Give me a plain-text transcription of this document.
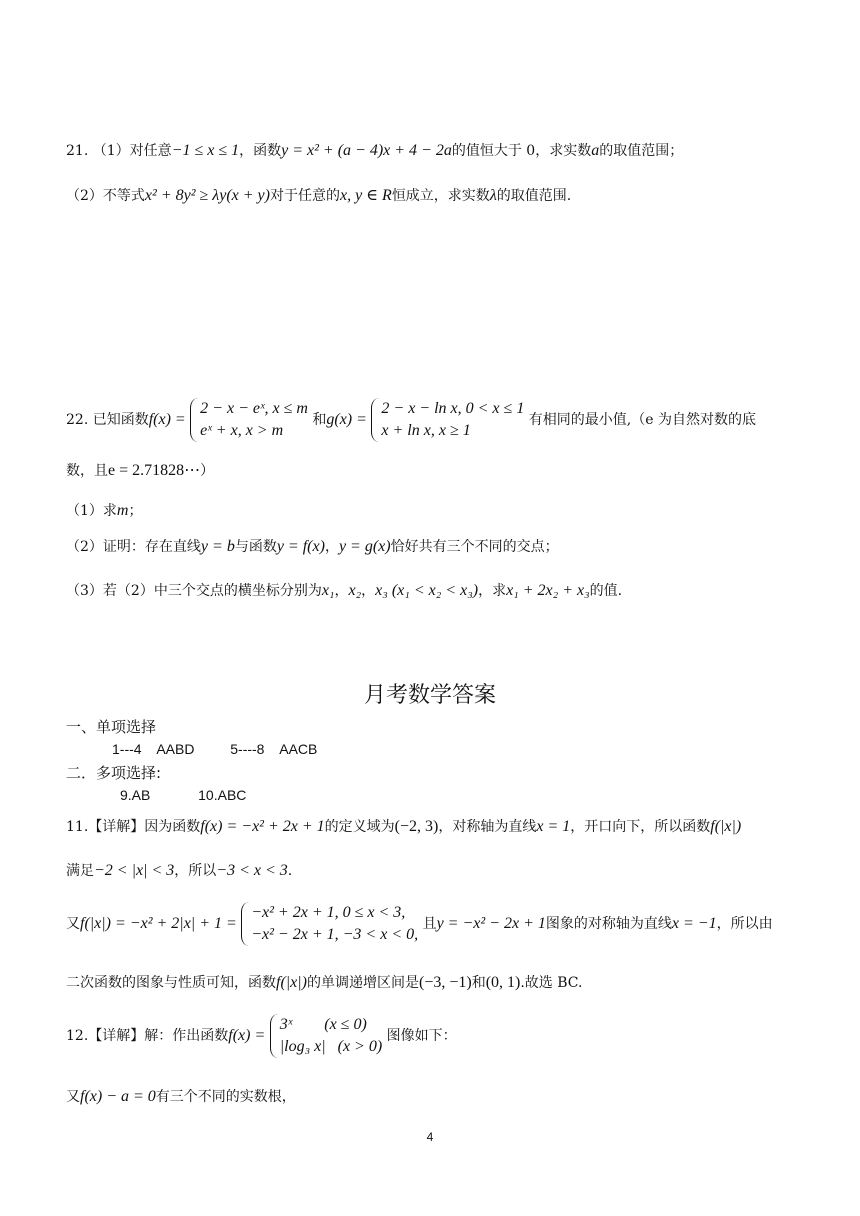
21. （1）对任意−1 ≤ x ≤ 1，函数y = x² + (a − 4)x + 4 − 2a的值恒大于 0，求实数a的取值范围；
（2）不等式x² + 8y² ≥ λy(x + y)对于任意的x, y ∈ R恒成立，求实数λ的取值范围.
22. 已知函数f(x) =
2 − x − eˣ, x ≤ m
eˣ + x, x > m
和g(x) =
2 − x − ln x, 0 < x ≤ 1
x + ln x, x ≥ 1
有相同的最小值,（e 为自然对数的底
数，且e = 2.71828⋯）
（1）求m；
（2）证明：存在直线y = b与函数y = f(x)，y = g(x)恰好共有三个不同的交点；
（3）若（2）中三个交点的横坐标分别为x₁，x₂，x₃ (x₁ < x₂ < x₃)，求x₁ + 2x₂ + x₃的值.
月考数学答案
一、单项选择
1---4    AABD	5----8    AACB
二．多项选择:
9.AB	10.ABC
11.【详解】因为函数f(x) = −x² + 2x + 1的定义域为(−2, 3)，对称轴为直线x = 1，开口向下，所以函数f(|x|)
满足−2 < |x| < 3，所以−3 < x < 3.
又f(|x|) = −x² + 2|x| + 1 =
−x² + 2x + 1, 0 ≤ x < 3,
−x² − 2x + 1, −3 < x < 0,
且y = −x² − 2x + 1图象的对称轴为直线x = −1，所以由
二次函数的图象与性质可知，函数f(|x|)的单调递增区间是(−3, −1)和(0, 1).故选 BC.
12.【详解】解：作出函数f(x) =
3ˣ        (x ≤ 0)
|log₃ x|   (x > 0)
图像如下：
又f(x) − a = 0有三个不同的实数根，
4
